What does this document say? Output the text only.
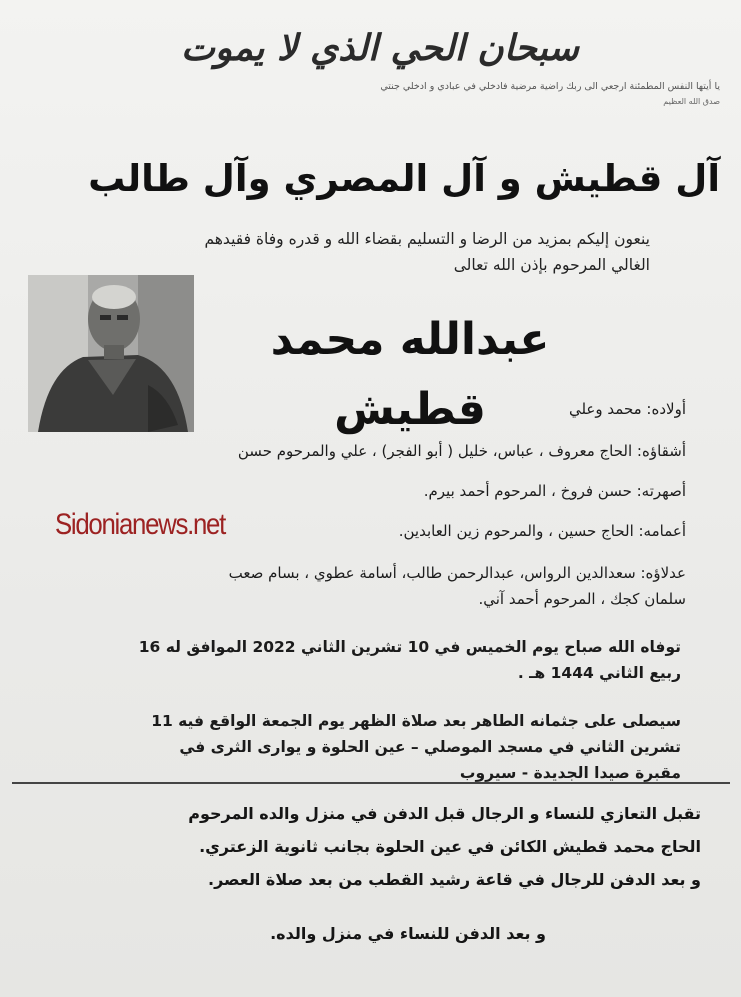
سبحان الحي الذي لا يموت
يا أيتها النفس المطمئنة ارجعي الى ربك راضية مرضية فادخلي في عبادي و ادخلي جنتي
صدق الله العظيم
آل قطيش و آل المصري وآل طالب
ينعون إليكم بمزيد من الرضا و التسليم بقضاء الله و قدره وفاة فقيدهم
الغالي المرحوم بإذن الله تعالى
عبدالله محمد قطيش	أولاده: محمد وعلي
أشقاؤه: الحاج معروف ، عباس، خليل ( أبو الفجر) ، علي والمرحوم حسن
أصهرته: حسن فروخ ، المرحوم أحمد بيرم.
أعمامه: الحاج حسين ، والمرحوم زين العابدين.
عدلاؤه: سعدالدين الرواس، عبدالرحمن طالب، أسامة عطوي ، بسام صعب
سلمان كجك ، المرحوم أحمد آني.
Sidonianews.net
توفاه الله صباح يوم الخميس في 10 تشرين الثاني 2022 الموافق له 16
ربيع الثاني 1444 هـ .
سيصلى على جثمانه الطاهر بعد صلاة الظهر يوم الجمعة الواقع فيه 11
تشرين الثاني في مسجد الموصلي – عين الحلوة و يوارى الثرى في
مقبرة صيدا الجديدة - سيروب
تقبل التعازي للنساء و الرجال قبل الدفن في منزل والده المرحوم
الحاج محمد قطيش الكائن في عين الحلوة بجانب ثانوية الزعتري.
و بعد الدفن للرجال في قاعة رشيد القطب من بعد صلاة العصر.
و بعد الدفن للنساء في منزل والده.
